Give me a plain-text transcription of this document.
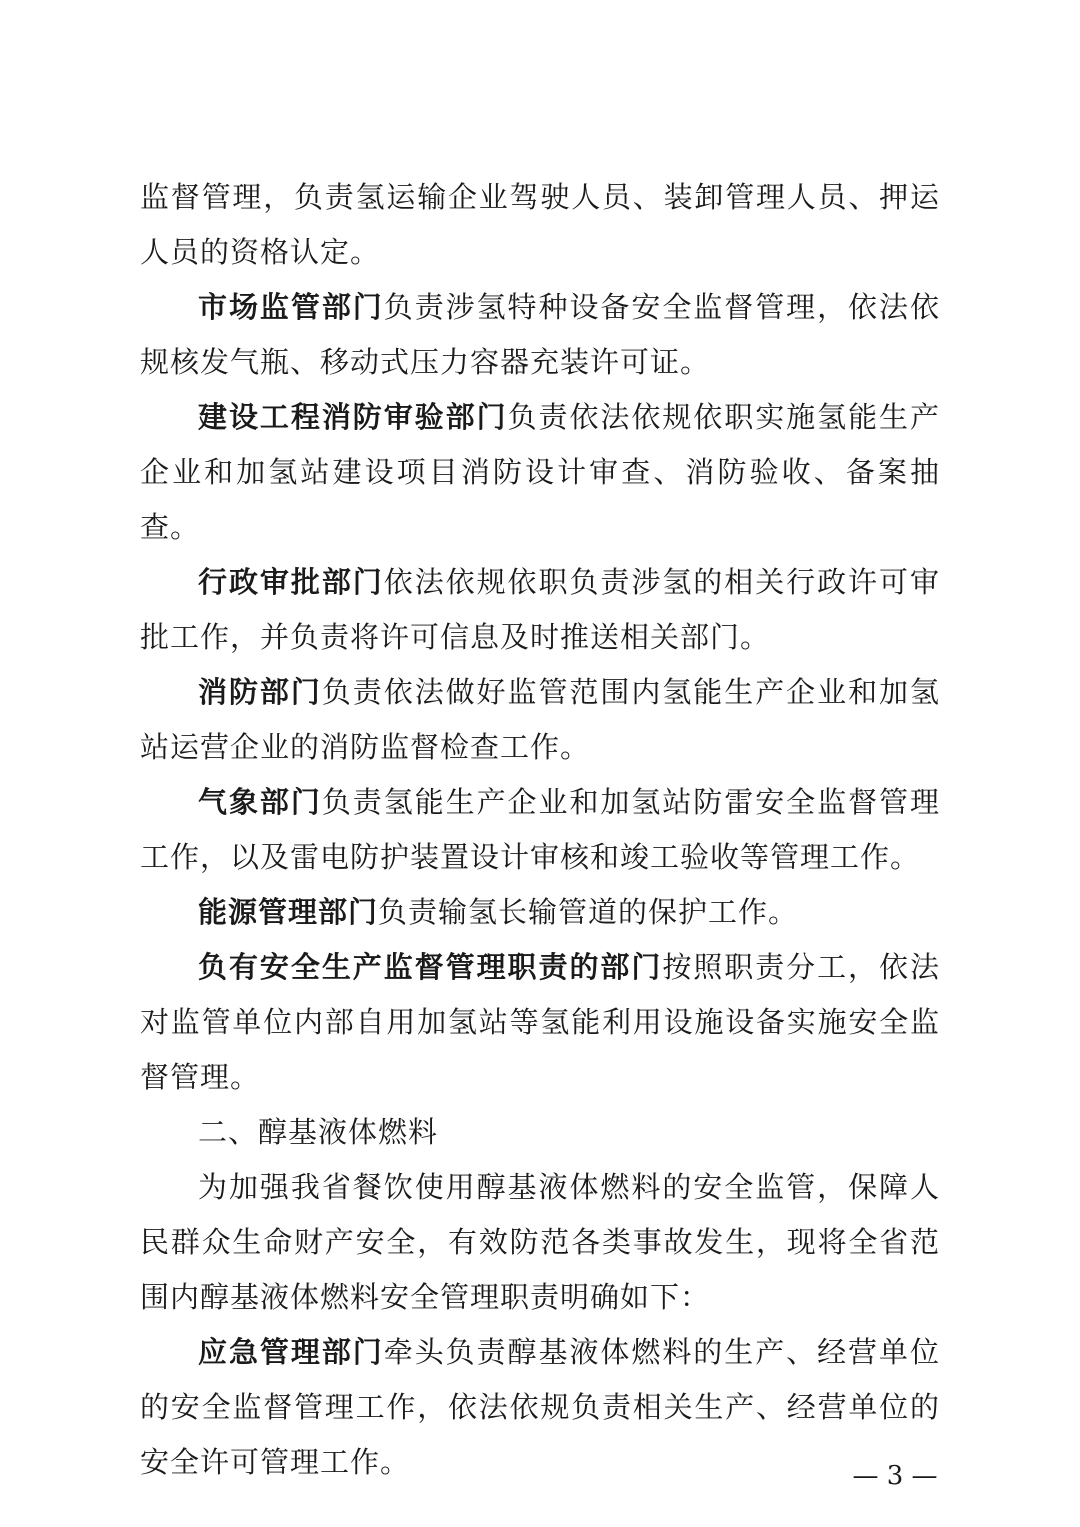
监督管理，负责氢运输企业驾驶人员、装卸管理人员、押运人员的资格认定。

市场监管部门负责涉氢特种设备安全监督管理，依法依规核发气瓶、移动式压力容器充装许可证。

建设工程消防审验部门负责依法依规依职实施氢能生产企业和加氢站建设项目消防设计审查、消防验收、备案抽查。

行政审批部门依法依规依职负责涉氢的相关行政许可审批工作，并负责将许可信息及时推送相关部门。

消防部门负责依法做好监管范围内氢能生产企业和加氢站运营企业的消防监督检查工作。

气象部门负责氢能生产企业和加氢站防雷安全监督管理工作，以及雷电防护装置设计审核和竣工验收等管理工作。

能源管理部门负责输氢长输管道的保护工作。

负有安全生产监督管理职责的部门按照职责分工，依法对监管单位内部自用加氢站等氢能利用设施设备实施安全监督管理。

二、醇基液体燃料

为加强我省餐饮使用醇基液体燃料的安全监管，保障人民群众生命财产安全，有效防范各类事故发生，现将全省范围内醇基液体燃料安全管理职责明确如下：

应急管理部门牵头负责醇基液体燃料的生产、经营单位的安全监督管理工作，依法依规负责相关生产、经营单位的安全许可管理工作。	— 3 —
